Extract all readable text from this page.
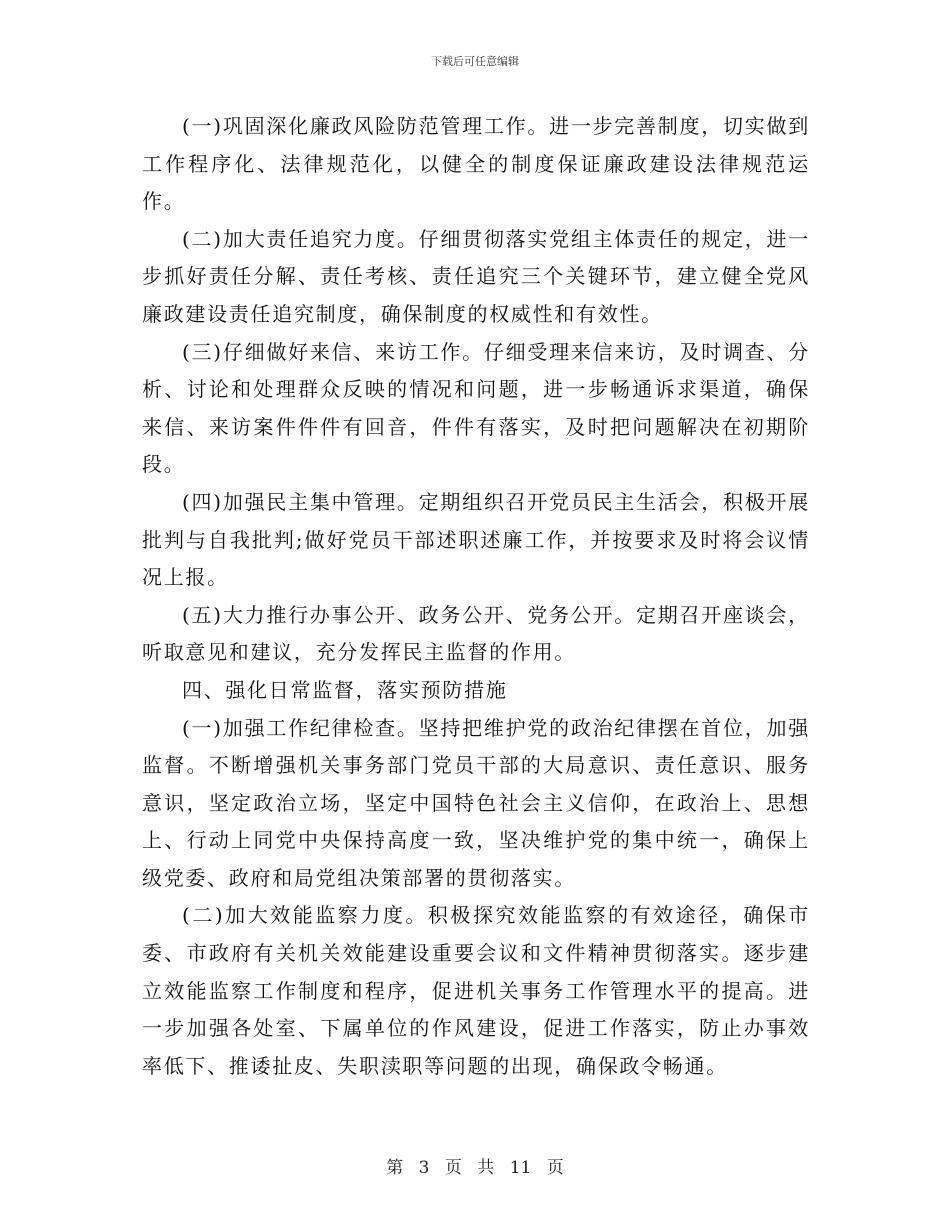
下载后可任意编辑

(一)巩固深化廉政风险防范管理工作。进一步完善制度，切实做到工作程序化、法律规范化，以健全的制度保证廉政建设法律规范运作。

(二)加大责任追究力度。仔细贯彻落实党组主体责任的规定，进一步抓好责任分解、责任考核、责任追究三个关键环节，建立健全党风廉政建设责任追究制度，确保制度的权威性和有效性。

(三)仔细做好来信、来访工作。仔细受理来信来访，及时调查、分析、讨论和处理群众反映的情况和问题，进一步畅通诉求渠道，确保来信、来访案件件件有回音，件件有落实，及时把问题解决在初期阶段。

(四)加强民主集中管理。定期组织召开党员民主生活会，积极开展批判与自我批判;做好党员干部述职述廉工作，并按要求及时将会议情况上报。

(五)大力推行办事公开、政务公开、党务公开。定期召开座谈会，听取意见和建议，充分发挥民主监督的作用。

四、强化日常监督，落实预防措施

(一)加强工作纪律检查。坚持把维护党的政治纪律摆在首位，加强监督。不断增强机关事务部门党员干部的大局意识、责任意识、服务意识，坚定政治立场，坚定中国特色社会主义信仰，在政治上、思想上、行动上同党中央保持高度一致，坚决维护党的集中统一，确保上级党委、政府和局党组决策部署的贯彻落实。

(二)加大效能监察力度。积极探究效能监察的有效途径，确保市委、市政府有关机关效能建设重要会议和文件精神贯彻落实。逐步建立效能监察工作制度和程序，促进机关事务工作管理水平的提高。进一步加强各处室、下属单位的作风建设，促进工作落实，防止办事效率低下、推诿扯皮、失职渎职等问题的出现，确保政令畅通。

第 3 页 共 11 页
